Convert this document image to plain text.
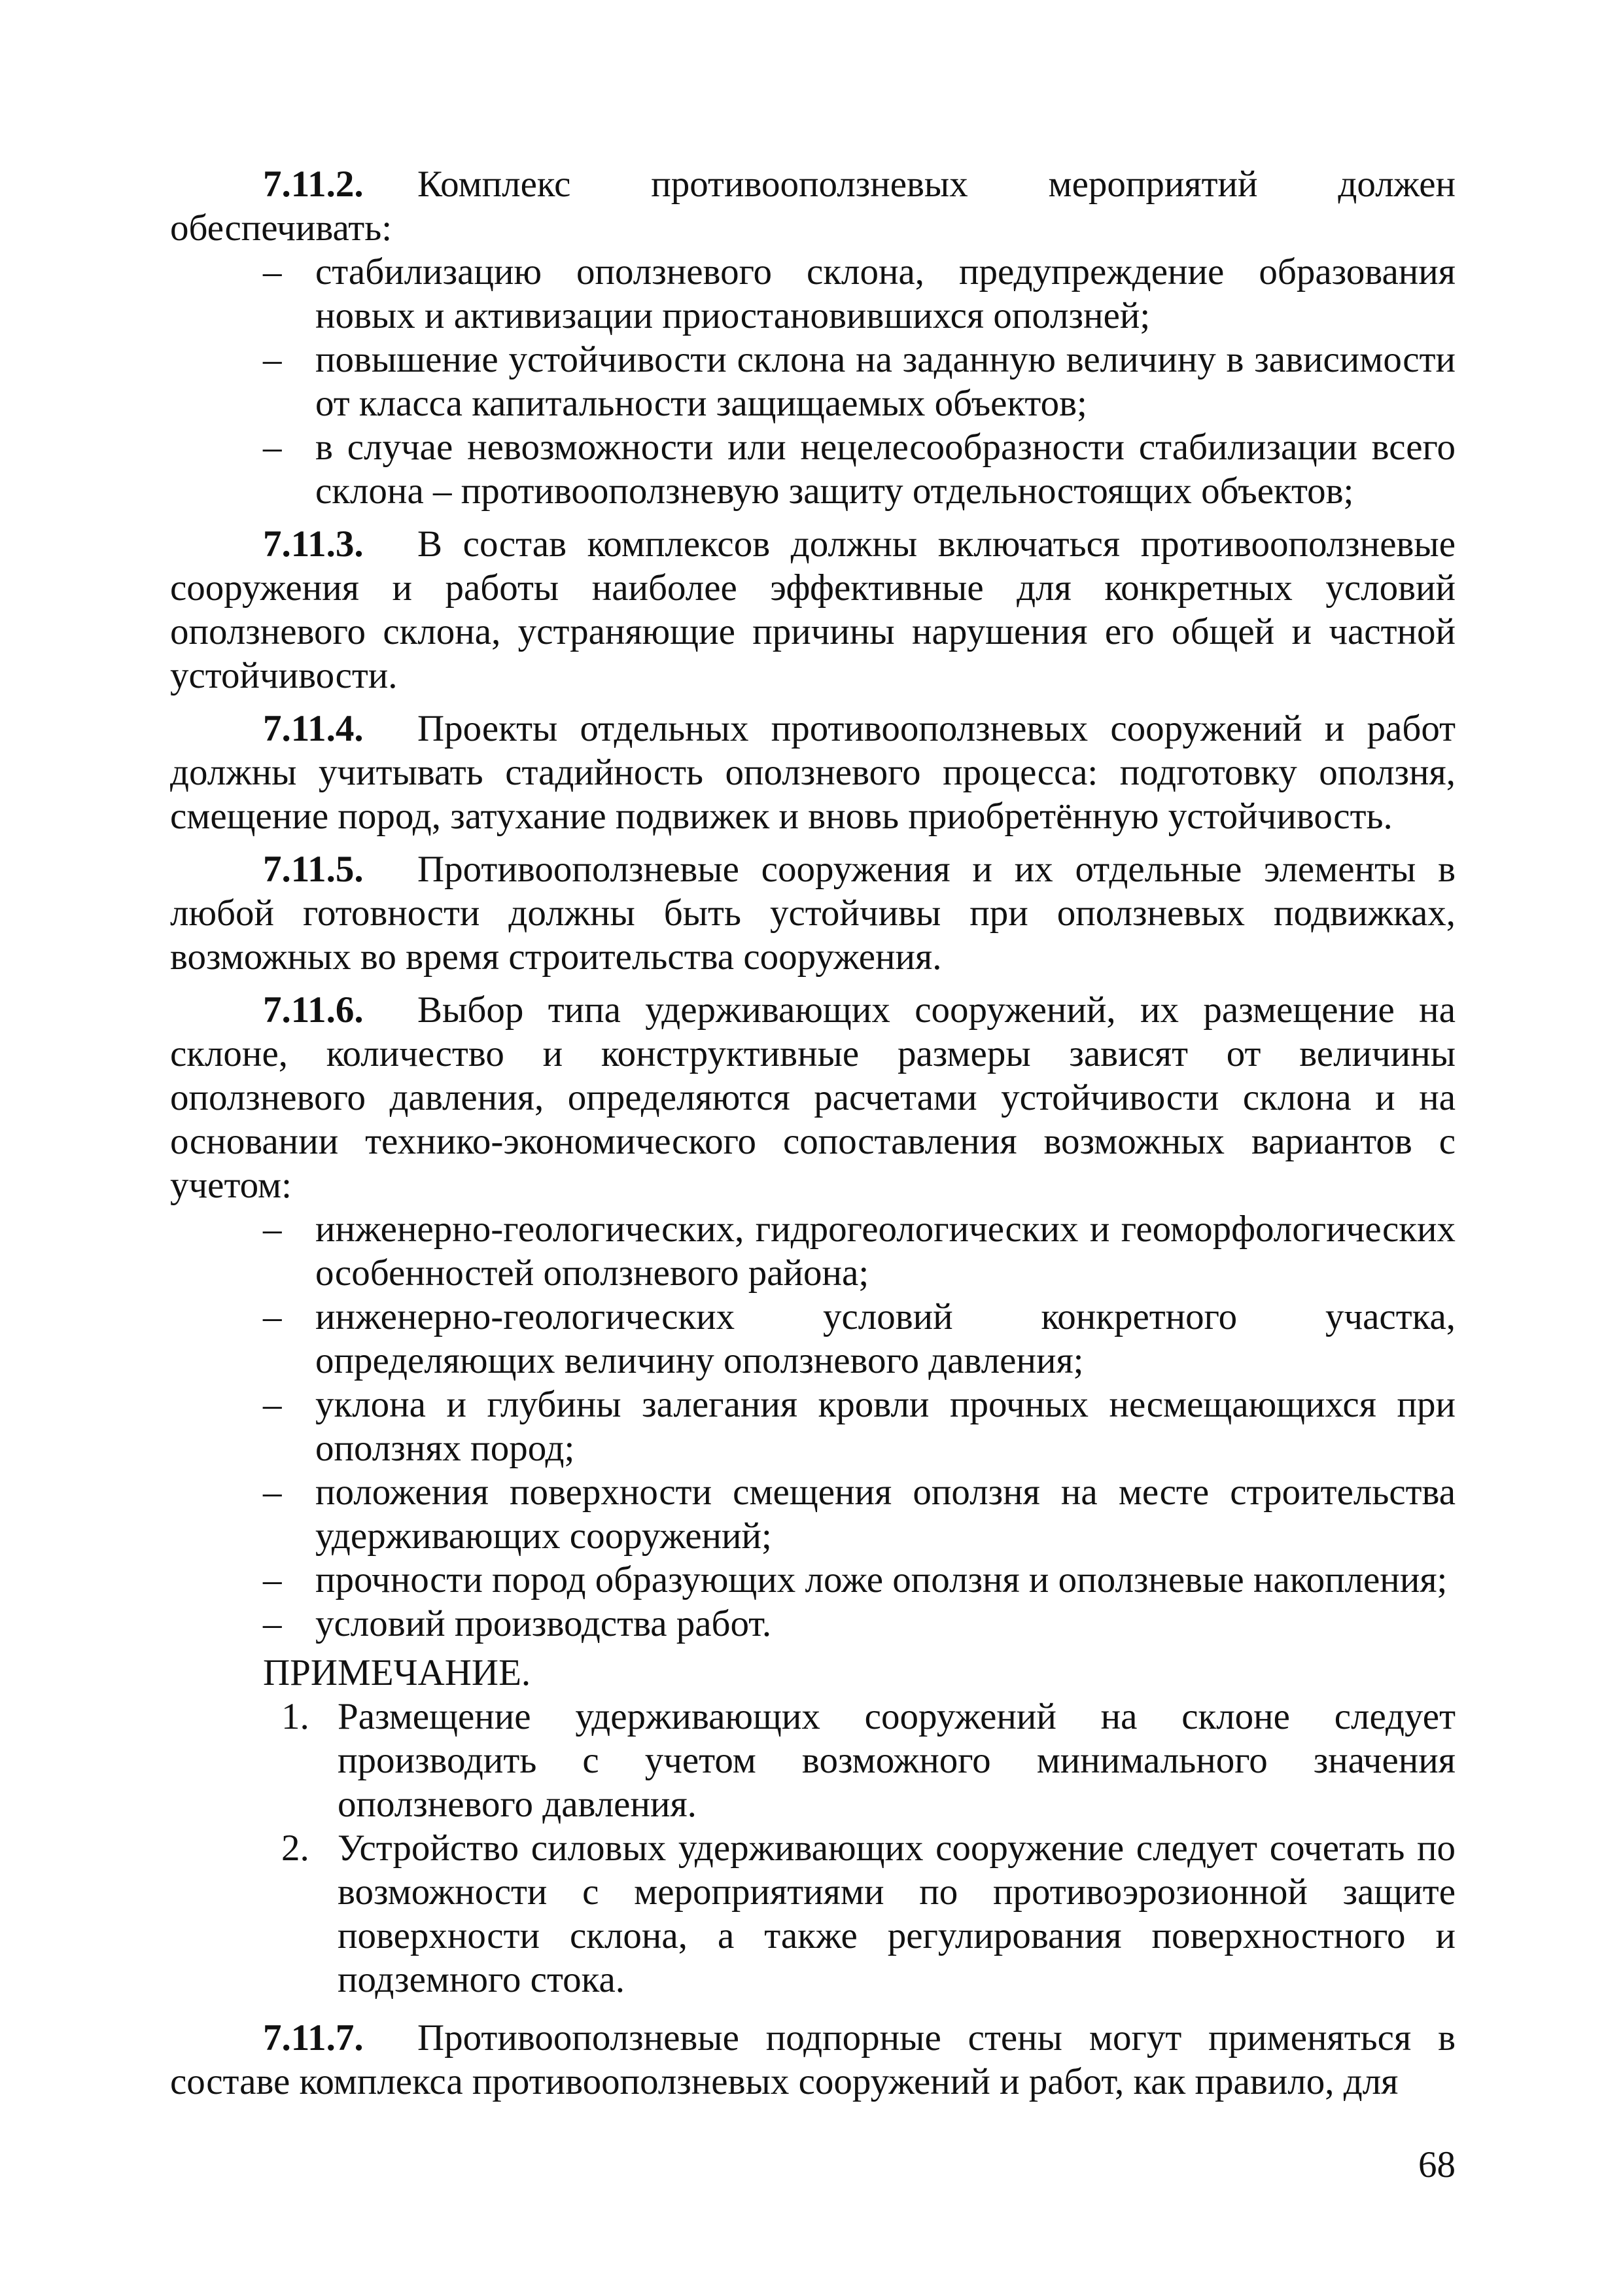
7.11.2. Комплекс противооползневых мероприятий должен обеспечивать:

– стабилизацию оползневого склона, предупреждение образования новых и активизации приостановившихся оползней;
– повышение устойчивости склона на заданную величину в зависимости от класса капитальности защищаемых объектов;
– в случае невозможности или нецелесообразности стабилизации всего склона – противооползневую защиту отдельностоящих объектов;

7.11.3. В состав комплексов должны включаться противооползневые сооружения и работы наиболее эффективные для конкретных условий оползневого склона, устраняющие причины нарушения его общей и частной устойчивости.

7.11.4. Проекты отдельных противооползневых сооружений и работ должны учитывать стадийность оползневого процесса: подготовку оползня, смещение пород, затухание подвижек и вновь приобретённую устойчивость.

7.11.5. Противооползневые сооружения и их отдельные элементы в любой готовности должны быть устойчивы при оползневых подвижках, возможных во время строительства сооружения.

7.11.6. Выбор типа удерживающих сооружений, их размещение на склоне, количество и конструктивные размеры зависят от величины оползневого давления, определяются расчетами устойчивости склона и на основании технико-экономического сопоставления возможных вариантов с учетом:

– инженерно-геологических, гидрогеологических и геоморфологических особенностей оползневого района;
– инженерно-геологических условий конкретного участка, определяющих величину оползневого давления;
– уклона и глубины залегания кровли прочных несмещающихся при оползнях пород;
– положения поверхности смещения оползня на месте строительства удерживающих сооружений;
– прочности пород образующих ложе оползня и оползневые накопления;
– условий производства работ.

ПРИМЕЧАНИЕ.

1. Размещение удерживающих сооружений на склоне следует производить с учетом возможного минимального значения оползневого давления.
2. Устройство силовых удерживающих сооружение следует сочетать по возможности с мероприятиями по противоэрозионной защите поверхности склона, а также регулирования поверхностного и подземного стока.

7.11.7. Противооползневые подпорные стены могут применяться в составе комплекса противооползневых сооружений и работ, как правило, для

68
